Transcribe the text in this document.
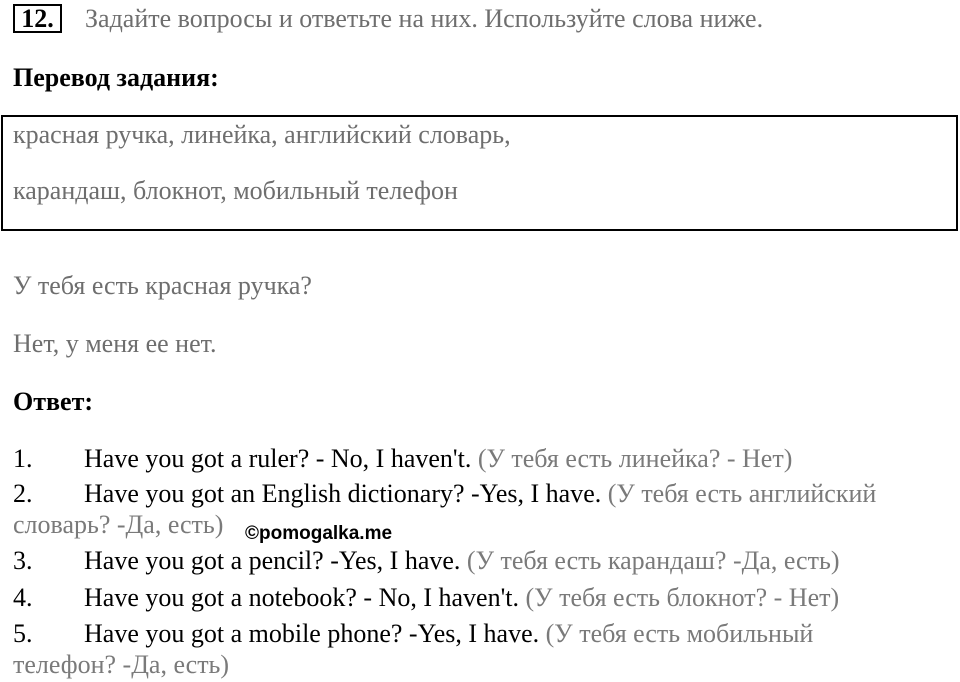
12.	Задайте вопросы и ответьте на них. Используйте слова ниже.
Перевод задания:
красная ручка, линейка, английский словарь,
карандаш, блокнот, мобильный телефон
У тебя есть красная ручка?
Нет, у меня ее нет.
Ответ:
1. Have you got a ruler? - No, I haven't. (У тебя есть линейка? - Нет)
2. Have you got an English dictionary? -Yes, I have. (У тебя есть английский
словарь? -Да, есть) ©pomogalka.me
3. Have you got a pencil? -Yes, I have. (У тебя есть карандаш? -Да, есть)
4. Have you got a notebook? - No, I haven't. (У тебя есть блокнот? - Нет)
5. Have you got a mobile phone? -Yes, I have. (У тебя есть мобильный
телефон? -Да, есть)
